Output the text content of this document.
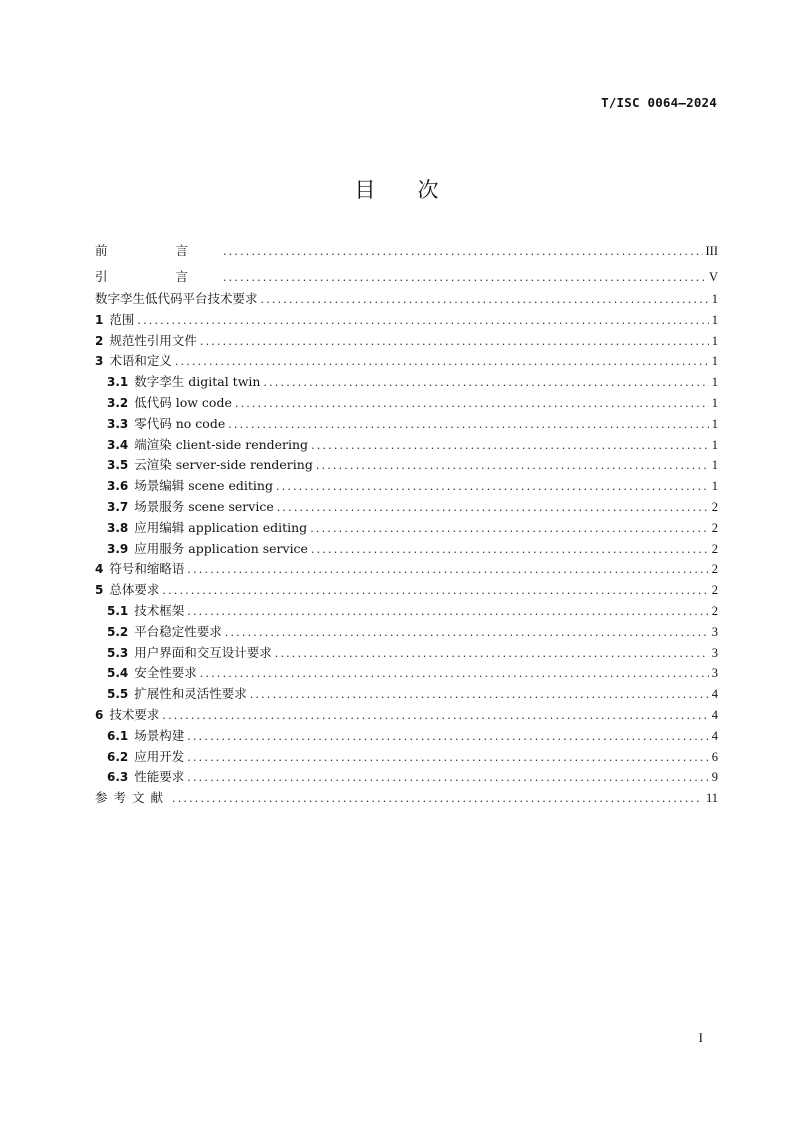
T/ISC 0064—2024
目　　次
前 言 .....	III
引 言 .....	V
数字孪生低代码平台技术要求 .....	1
1 范围 .....	1
2 规范性引用文件 .....	1
3 术语和定义 .....	1
3.1 数字孪生 digital twin .....	1
3.2 低代码 low code .....	1
3.3 零代码 no code .....	1
3.4 端渲染 client-side rendering .....	1
3.5 云渲染 server-side rendering .....	1
3.6 场景编辑 scene editing .....	1
3.7 场景服务 scene service .....	2
3.8 应用编辑 application editing .....	2
3.9 应用服务 application service .....	2
4 符号和缩略语 .....	2
5 总体要求 .....	2
5.1 技术框架 .....	2
5.2 平台稳定性要求 .....	3
5.3 用户界面和交互设计要求 .....	3
5.4 安全性要求 .....	3
5.5 扩展性和灵活性要求 .....	4
6 技术要求 .....	4
6.1 场景构建 .....	4
6.2 应用开发 .....	6
6.3 性能要求 .....	9
参考文献 .....	11
I
